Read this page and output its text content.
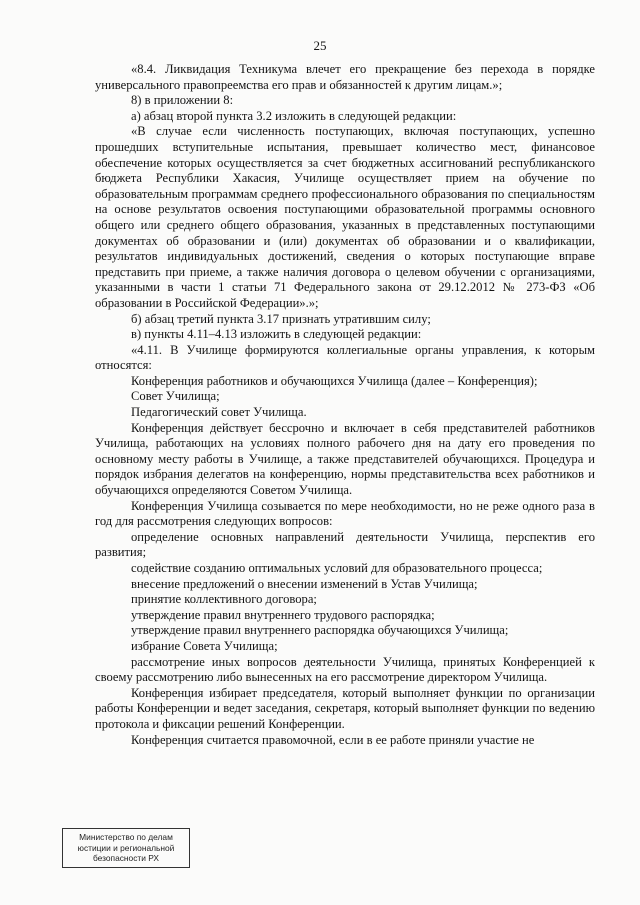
25

«8.4. Ликвидация Техникума влечет его прекращение без перехода в порядке универсального правопреемства его прав и обязанностей к другим лицам.»;

8) в приложении 8:

а) абзац второй пункта 3.2 изложить в следующей редакции:

«В случае если численность поступающих, включая поступающих, успешно прошедших вступительные испытания, превышает количество мест, финансовое обеспечение которых осуществляется за счет бюджетных ассигнований республиканского бюджета Республики Хакасия, Училище осуществляет прием на обучение по образовательным программам среднего профессионального образования по специальностям на основе результатов освоения поступающими образовательной программы основного общего или среднего общего образования, указанных в представленных поступающими документах об образовании и (или) документах об образовании и о квалификации, результатов индивидуальных достижений, сведения о которых поступающие вправе представить при приеме, а также наличия договора о целевом обучении с организациями, указанными в части 1 статьи 71 Федерального закона от 29.12.2012 № 273-ФЗ «Об образовании в Российской Федерации».»;

б) абзац третий пункта 3.17 признать утратившим силу;

в) пункты 4.11–4.13 изложить в следующей редакции:

«4.11. В Училище формируются коллегиальные органы управления, к которым относятся:

Конференция работников и обучающихся Училища (далее – Конференция);

Совет Училища;

Педагогический совет Училища.

Конференция действует бессрочно и включает в себя представителей работников Училища, работающих на условиях полного рабочего дня на дату его проведения по основному месту работы в Училище, а также представителей обучающихся. Процедура и порядок избрания делегатов на конференцию, нормы представительства всех работников и обучающихся определяются Советом Училища.

Конференция Училища созывается по мере необходимости, но не реже одного раза в год для рассмотрения следующих вопросов:

определение основных направлений деятельности Училища, перспектив его развития;

содействие созданию оптимальных условий для образовательного процесса;

внесение предложений о внесении изменений в Устав Училища;

принятие коллективного договора;

утверждение правил внутреннего трудового распорядка;

утверждение правил внутреннего распорядка обучающихся Училища;

избрание Совета Училища;

рассмотрение иных вопросов деятельности Училища, принятых Конференцией к своему рассмотрению либо вынесенных на его рассмотрение директором Училища.

Конференция избирает председателя, который выполняет функции по организации работы Конференции и ведет заседания, секретаря, который выполняет функции по ведению протокола и фиксации решений Конференции.

Конференция считается правомочной, если в ее работе приняли участие не

Министерство по делам
юстиции и региональной
безопасности РХ
